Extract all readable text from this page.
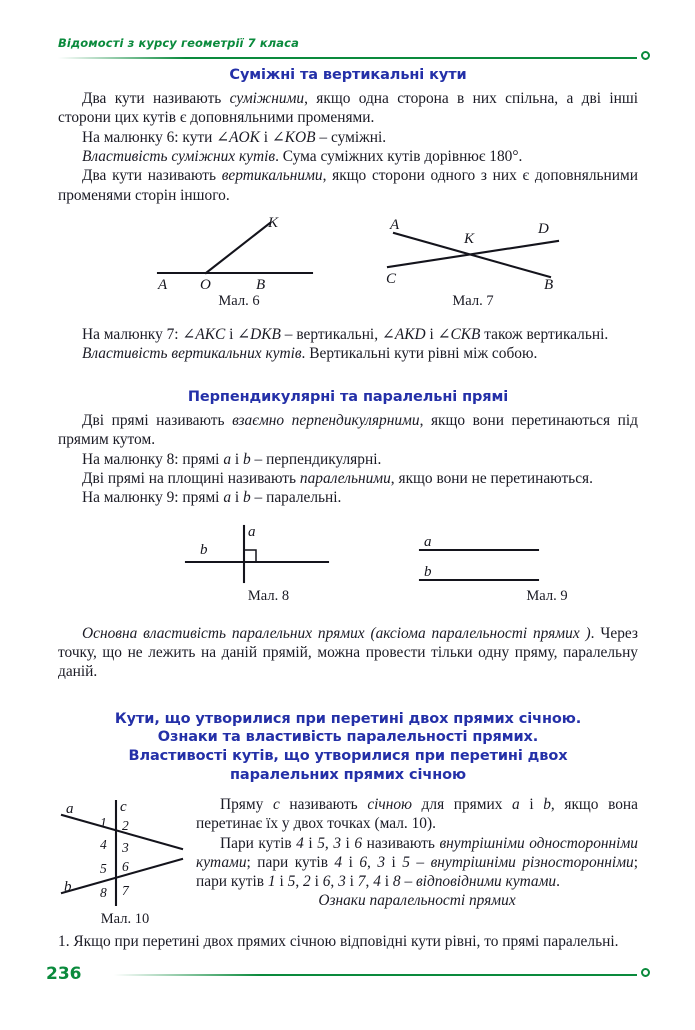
Відомості з курсу геометрії 7 класа
Суміжні та вертикальні кути

Два кути називають суміжними, якщо одна сторона в них спільна, а дві інші сторони цих кутів є доповняльними променями.

На малюнку 6: кути ∠AOK і ∠KOB – суміжні.

Властивість суміжних кутів. Сума суміжних кутів дорівнює 180°.

Два кути називають вертикальними, якщо сторони одного з них є доповняльними променями сторін іншого.

K
A O	B
Мал. 6
A
K
D
C	B
Мал. 7

На малюнку 7: ∠AKC і ∠DKB – вертикальні, ∠AKD і ∠CKB також вертикальні.

Властивість вертикальних кутів. Вертикальні кути рівні між собою.

Перпендикулярні та паралельні прямі

Дві прямі називають взаємно перпендикулярними, якщо вони перетинаються під прямим кутом.

На малюнку 8: прямі a і b – перпендикулярні.

Дві прямі на площині називають паралельними, якщо вони не перетинаються.

На малюнку 9: прямі a і b – паралельні.

a
b
Мал. 8
a
b
Мал. 9

Основна властивість паралельних прямих (аксіома паралельності прямих ). Через точку, що не лежить на даній прямій, можна провести тільки одну пряму, паралельну даній.

Кути, що утворилися при перетині двох прямих січною.
Ознаки та властивість паралельності прямих.
Властивості кутів, що утворилися при перетині двох
паралельних прямих січною
a
b
c
1 2
3
4
5 6
7
8
Мал. 10

Пряму c називають січною для прямих a і b, якщо вона перетинає їх у двох точках (мал. 10).

Пари кутів 4 і 5, 3 і 6 називають внутрішніми односторонніми кутами; пари кутів 4 і 6, 3 і 5 – внутрішніми різносторонніми; пари кутів 1 і 5, 2 і 6, 3 і 7, 4 і 8 – відповідними кутами.

Ознаки паралельності прямих

1. Якщо при перетині двох прямих січною відповідні кути рівні, то прямі паралельні.

236
